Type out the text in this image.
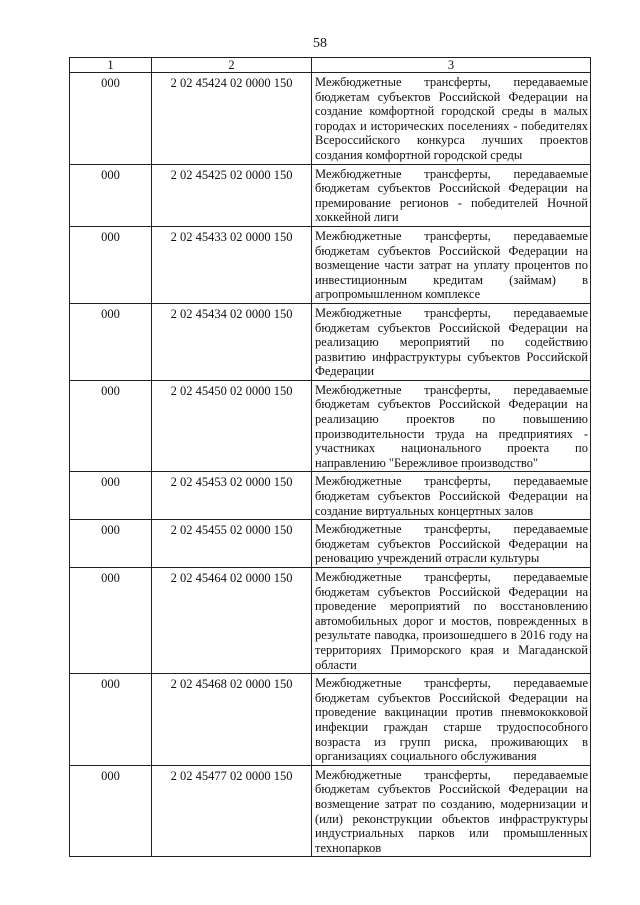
58
1	2	3
000	2 02 45424 02 0000 150	Межбюджетные трансферты, передаваемые бюджетам субъектов Российской Федерации на создание комфортной городской среды в малых городах и исторических поселениях - победителях Всероссийского конкурса лучших проектов создания комфортной городской среды
000	2 02 45425 02 0000 150	Межбюджетные трансферты, передаваемые бюджетам субъектов Российской Федерации на премирование регионов - победителей Ночной хоккейной лиги
000	2 02 45433 02 0000 150	Межбюджетные трансферты, передаваемые бюджетам субъектов Российской Федерации на возмещение части затрат на уплату процентов по инвестиционным кредитам (займам) в агропромышленном комплексе
000	2 02 45434 02 0000 150	Межбюджетные трансферты, передаваемые бюджетам субъектов Российской Федерации на реализацию мероприятий по содействию развитию инфраструктуры субъектов Российской Федерации
000	2 02 45450 02 0000 150	Межбюджетные трансферты, передаваемые бюджетам субъектов Российской Федерации на реализацию проектов по повышению производительности труда на предприятиях - участниках национального проекта по направлению "Бережливое производство"
000	2 02 45453 02 0000 150	Межбюджетные трансферты, передаваемые бюджетам субъектов Российской Федерации на создание виртуальных концертных залов
000	2 02 45455 02 0000 150	Межбюджетные трансферты, передаваемые бюджетам субъектов Российской Федерации на реновацию учреждений отрасли культуры
000	2 02 45464 02 0000 150	Межбюджетные трансферты, передаваемые бюджетам субъектов Российской Федерации на проведение мероприятий по восстановлению автомобильных дорог и мостов, поврежденных в результате паводка, произошедшего в 2016 году на территориях Приморского края и Магаданской области
000	2 02 45468 02 0000 150	Межбюджетные трансферты, передаваемые бюджетам субъектов Российской Федерации на проведение вакцинации против пневмококковой инфекции граждан старше трудоспособного возраста из групп риска, проживающих в организациях социального обслуживания
000	2 02 45477 02 0000 150	Межбюджетные трансферты, передаваемые бюджетам субъектов Российской Федерации на возмещение затрат по созданию, модернизации и (или) реконструкции объектов инфраструктуры индустриальных парков или промышленных технопарков
